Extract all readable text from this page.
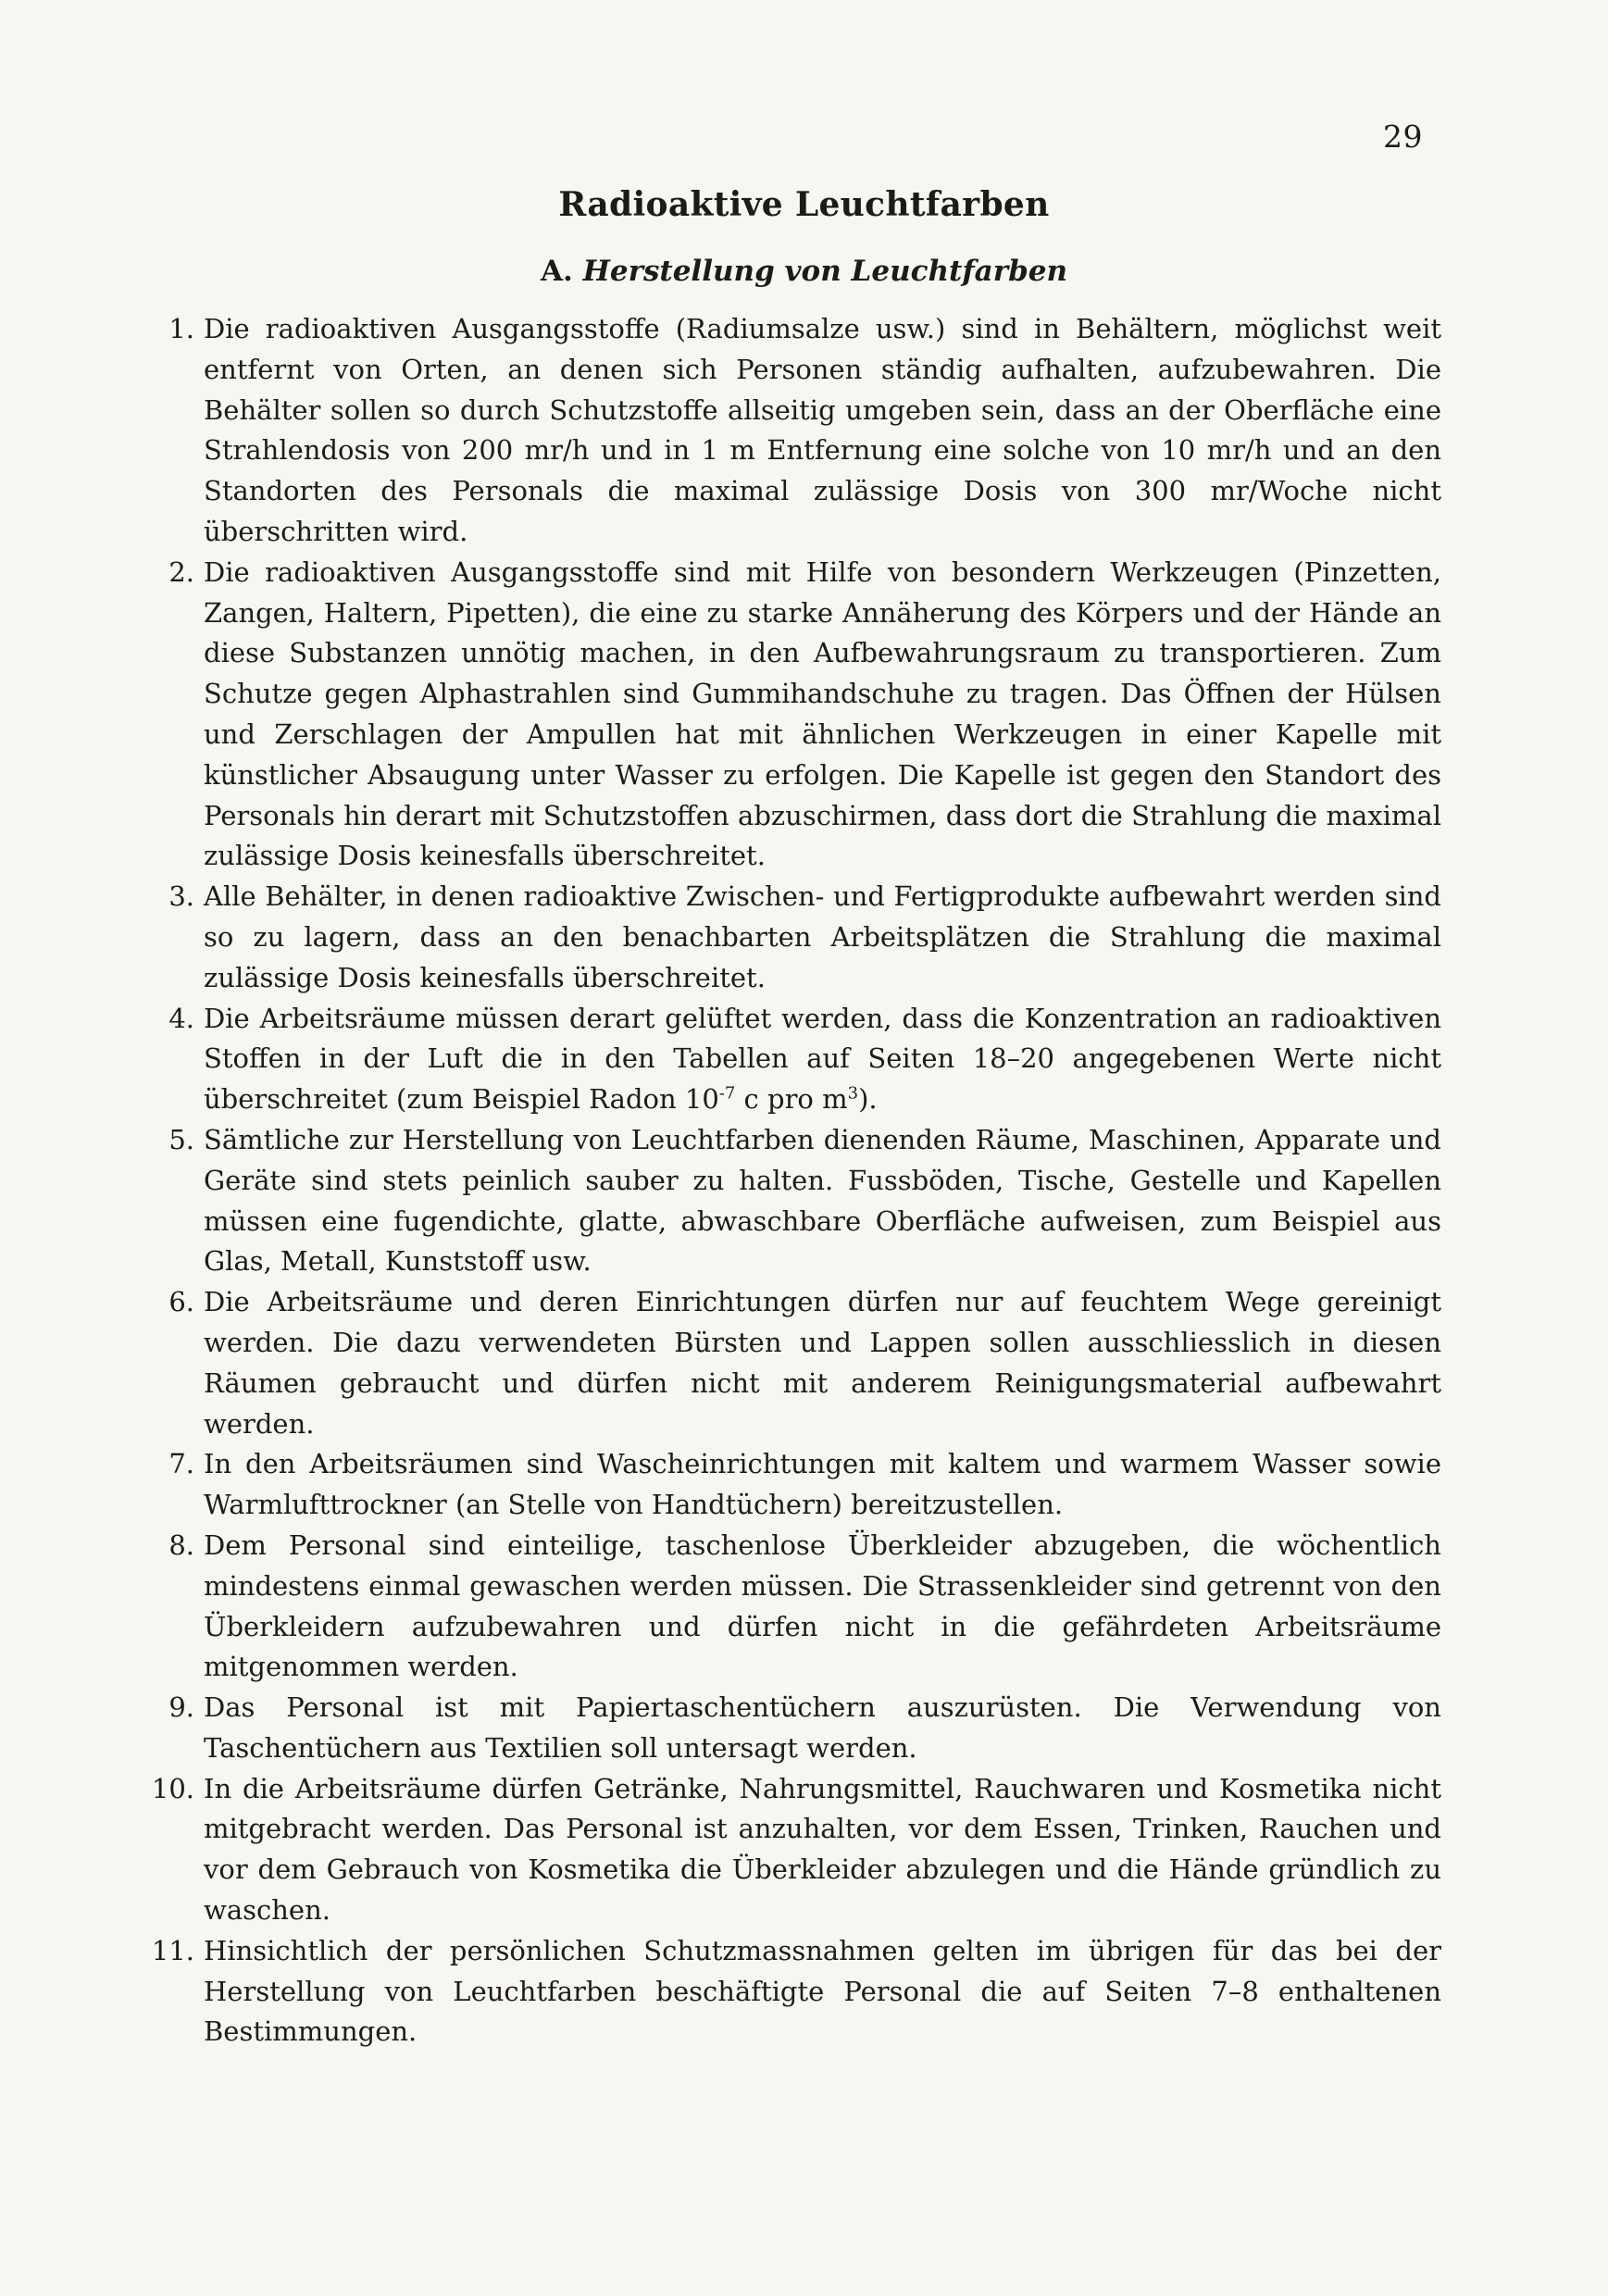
29

Radioaktive Leuchtfarben
A. Herstellung von Leuchtfarben
1. Die radioaktiven Ausgangsstoffe (Radiumsalze usw.) sind in Behältern, möglichst weit entfernt von Orten, an denen sich Personen ständig aufhalten, aufzubewahren. Die Behälter sollen so durch Schutzstoffe allseitig umgeben sein, dass an der Oberfläche eine Strahlendosis von 200 mr/h und in 1 m Entfernung eine solche von 10 mr/h und an den Standorten des Personals die maximal zulässige Dosis von 300 mr/Woche nicht überschritten wird.
2. Die radioaktiven Ausgangsstoffe sind mit Hilfe von besondern Werkzeugen (Pinzetten, Zangen, Haltern, Pipetten), die eine zu starke Annäherung des Körpers und der Hände an diese Substanzen unnötig machen, in den Aufbewahrungsraum zu transportieren. Zum Schutze gegen Alphastrahlen sind Gummihandschuhe zu tragen. Das Öffnen der Hülsen und Zerschlagen der Ampullen hat mit ähnlichen Werkzeugen in einer Kapelle mit künstlicher Absaugung unter Wasser zu erfolgen. Die Kapelle ist gegen den Standort des Personals hin derart mit Schutzstoffen abzuschirmen, dass dort die Strahlung die maximal zulässige Dosis keinesfalls überschreitet.
3. Alle Behälter, in denen radioaktive Zwischen- und Fertigprodukte aufbewahrt werden sind so zu lagern, dass an den benachbarten Arbeitsplätzen die Strahlung die maximal zulässige Dosis keinesfalls überschreitet.
4. Die Arbeitsräume müssen derart gelüftet werden, dass die Konzentration an radioaktiven Stoffen in der Luft die in den Tabellen auf Seiten 18–20 angegebenen Werte nicht überschreitet (zum Beispiel Radon $10^{-7}$ c pro $m^3$).
5. Sämtliche zur Herstellung von Leuchtfarben dienenden Räume, Maschinen, Apparate und Geräte sind stets peinlich sauber zu halten. Fussböden, Tische, Gestelle und Kapellen müssen eine fugendichte, glatte, abwaschbare Oberfläche aufweisen, zum Beispiel aus Glas, Metall, Kunststoff usw.
6. Die Arbeitsräume und deren Einrichtungen dürfen nur auf feuchtem Wege gereinigt werden. Die dazu verwendeten Bürsten und Lappen sollen ausschliesslich in diesen Räumen gebraucht und dürfen nicht mit anderem Reinigungsmaterial aufbewahrt werden.
7. In den Arbeitsräumen sind Wascheinrichtungen mit kaltem und warmem Wasser sowie Warmlufttrockner (an Stelle von Handtüchern) bereitzustellen.
8. Dem Personal sind einteilige, taschenlose Überkleider abzugeben, die wöchentlich mindestens einmal gewaschen werden müssen. Die Strassenkleider sind getrennt von den Überkleidern aufzubewahren und dürfen nicht in die gefährdeten Arbeitsräume mitgenommen werden.
9. Das Personal ist mit Papiertaschentüchern auszurüsten. Die Verwendung von Taschentüchern aus Textilien soll untersagt werden.
10. In die Arbeitsräume dürfen Getränke, Nahrungsmittel, Rauchwaren und Kosmetika nicht mitgebracht werden. Das Personal ist anzuhalten, vor dem Essen, Trinken, Rauchen und vor dem Gebrauch von Kosmetika die Überkleider abzulegen und die Hände gründlich zu waschen.
11. Hinsichtlich der persönlichen Schutzmassnahmen gelten im übrigen für das bei der Herstellung von Leuchtfarben beschäftigte Personal die auf Seiten 7–8 enthaltenen Bestimmungen.
